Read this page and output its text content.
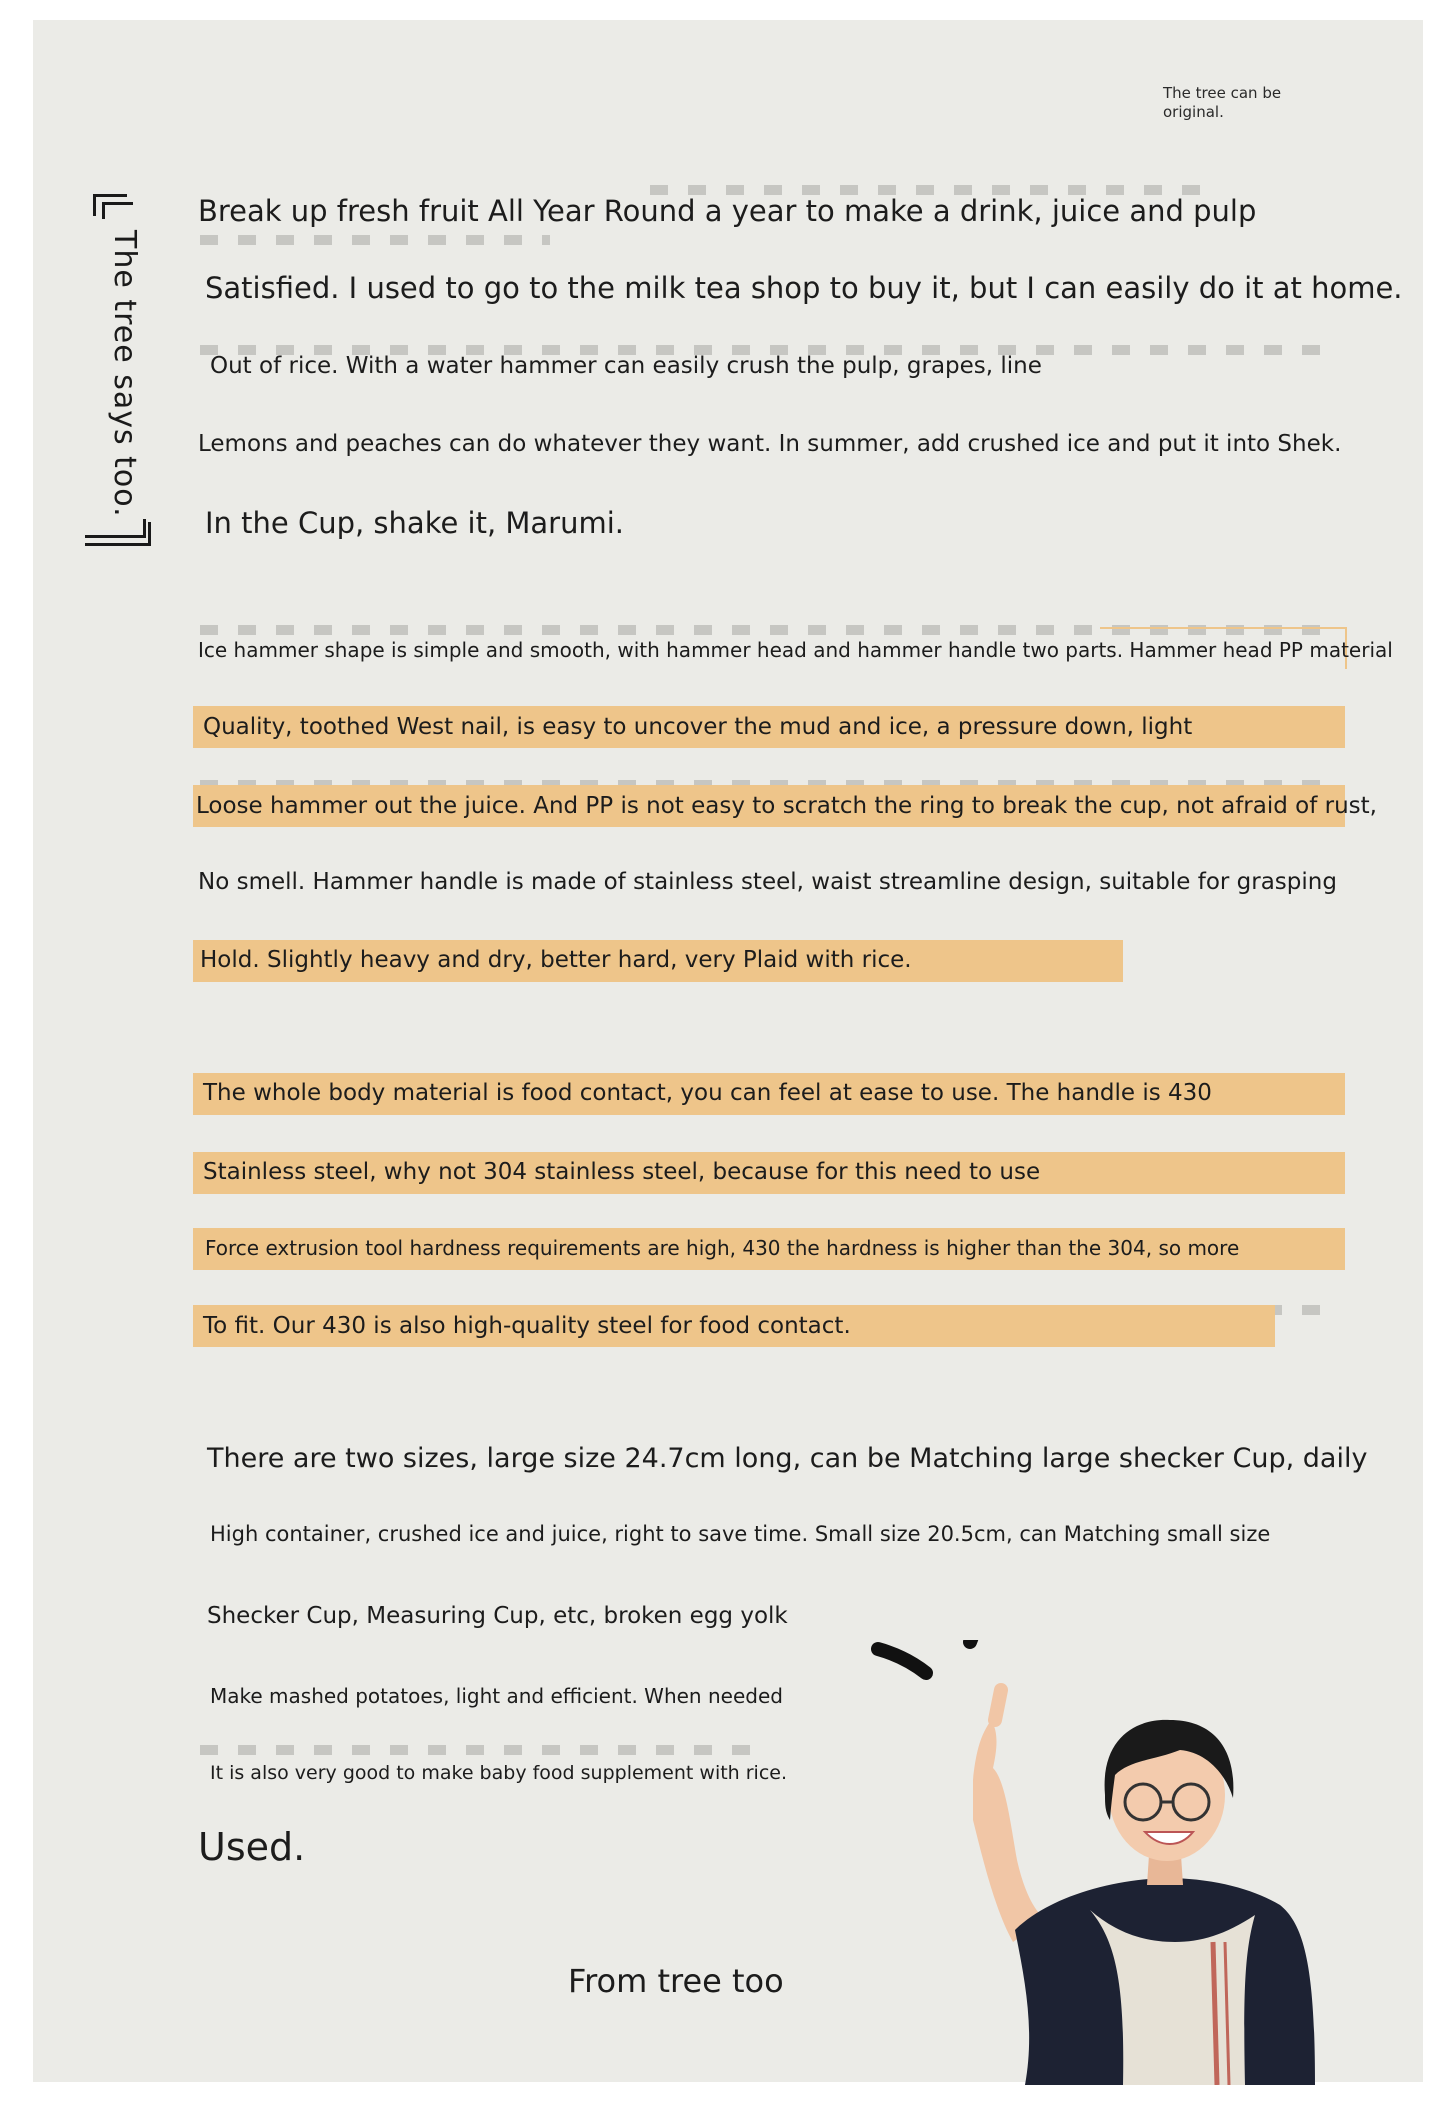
The tree can be original.
The tree says too.
Break up fresh fruit All Year Round a year to make a drink, juice and pulp
Satisfied. I used to go to the milk tea shop to buy it, but I can easily do it at home.
Out of rice. With a water hammer can easily crush the pulp, grapes, line
Lemons and peaches can do whatever they want. In summer, add crushed ice and put it into Shek.
In the Cup, shake it, Marumi.
Ice hammer shape is simple and smooth, with hammer head and hammer handle two parts. Hammer head PP material
Quality, toothed West nail, is easy to uncover the mud and ice, a pressure down, light
Loose hammer out the juice. And PP is not easy to scratch the ring to break the cup, not afraid of rust,
No smell. Hammer handle is made of stainless steel, waist streamline design, suitable for grasping
Hold. Slightly heavy and dry, better hard, very Plaid with rice.
The whole body material is food contact, you can feel at ease to use. The handle is 430
Stainless steel, why not 304 stainless steel, because for this need to use
Force extrusion tool hardness requirements are high, 430 the hardness is higher than the 304, so more
To fit. Our 430 is also high-quality steel for food contact.
There are two sizes, large size 24.7cm long, can be Matching large shecker Cup, daily
High container, crushed ice and juice, right to save time. Small size 20.5cm, can Matching small size
Shecker Cup, Measuring Cup, etc, broken egg yolk
Make mashed potatoes, light and efficient. When needed
It is also very good to make baby food supplement with rice.
Used.
From tree too
